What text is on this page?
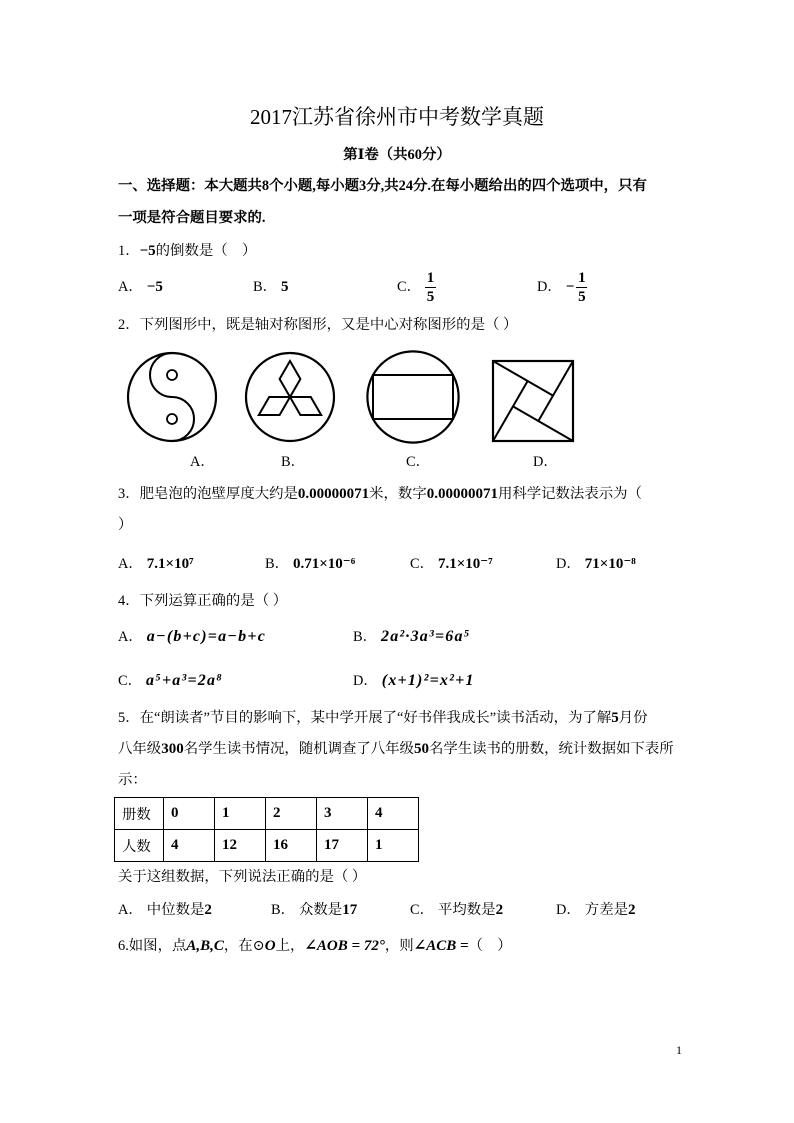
2017江苏省徐州市中考数学真题
第Ⅰ卷（共60分）
一、选择题：本大题共8个小题,每小题3分,共24分.在每小题给出的四个选项中，只有
一项是符合题目要求的.
1．−5的倒数是（    ）
A． −5	B． 5	C． $\frac{1}{5}$	D． − $\frac{1}{5}$
2．下列图形中，既是轴对称图形，又是中心对称图形的是（ ）
A．	B．	C．	D．
3．肥皂泡的泡壁厚度大约是0.00000071米，数字0.00000071用科学记数法表示为（
）
A． 7.1×10⁷	B． 0.71×10⁻⁶	C． 7.1×10⁻⁷	D． 71×10⁻⁸
4．下列运算正确的是（ ）
A． a−(b+c)=a−b+c	B． 2a²·3a³=6a⁵
C． a⁵+a³=2a⁸	D． (x+1)²=x²+1
5．在“朗读者”节目的影响下，某中学开展了“好书伴我成长”读书活动，为了解5月份
八年级300名学生读书情况，随机调查了八年级50名学生读书的册数，统计数据如下表所
示：
册数	0	1	2	3	4
人数	4	12	16	17	1
关于这组数据，下列说法正确的是（ ）
A． 中位数是 2	B． 众数是 17	C． 平均数是 2	D． 方差是 2
6.如图，点A,B,C，在⊙O上，∠AOB = 72°，则∠ACB =（    ）
1
